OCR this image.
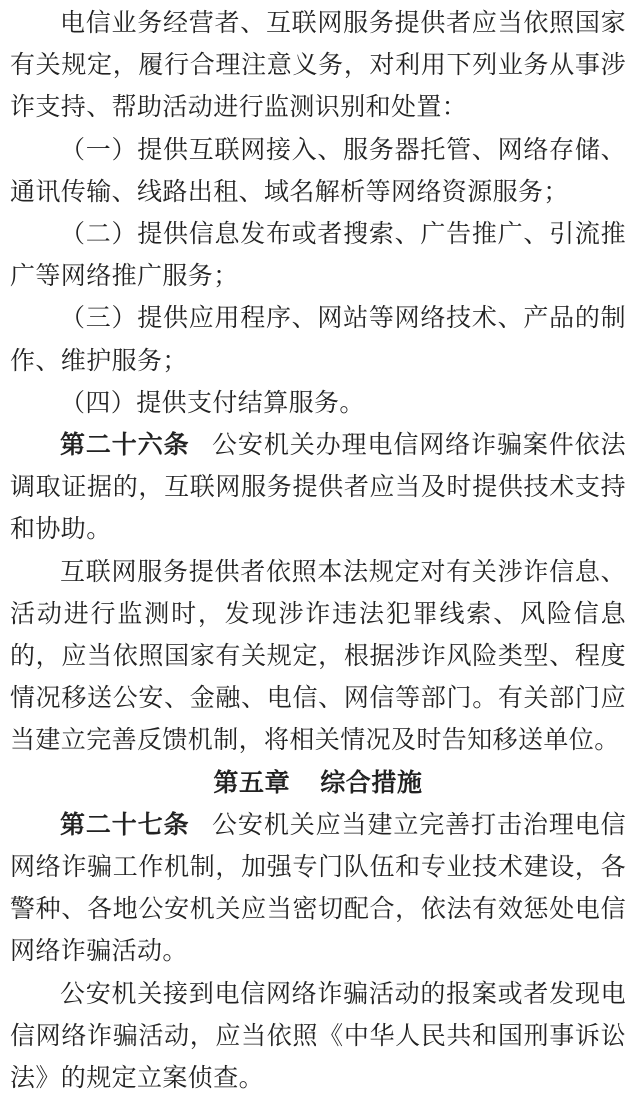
电信业务经营者、互联网服务提供者应当依照国家有关规定，履行合理注意义务，对利用下列业务从事涉诈支持、帮助活动进行监测识别和处置：

（一）提供互联网接入、服务器托管、网络存储、通讯传输、线路出租、域名解析等网络资源服务；

（二）提供信息发布或者搜索、广告推广、引流推广等网络推广服务；

（三）提供应用程序、网站等网络技术、产品的制作、维护服务；

（四）提供支付结算服务。

第二十六条 公安机关办理电信网络诈骗案件依法调取证据的，互联网服务提供者应当及时提供技术支持和协助。

互联网服务提供者依照本法规定对有关涉诈信息、活动进行监测时，发现涉诈违法犯罪线索、风险信息的，应当依照国家有关规定，根据涉诈风险类型、程度情况移送公安、金融、电信、网信等部门。有关部门应当建立完善反馈机制，将相关情况及时告知移送单位。

第五章 综合措施

第二十七条 公安机关应当建立完善打击治理电信网络诈骗工作机制，加强专门队伍和专业技术建设，各警种、各地公安机关应当密切配合，依法有效惩处电信网络诈骗活动。

公安机关接到电信网络诈骗活动的报案或者发现电信网络诈骗活动，应当依照《中华人民共和国刑事诉讼法》的规定立案侦查。
